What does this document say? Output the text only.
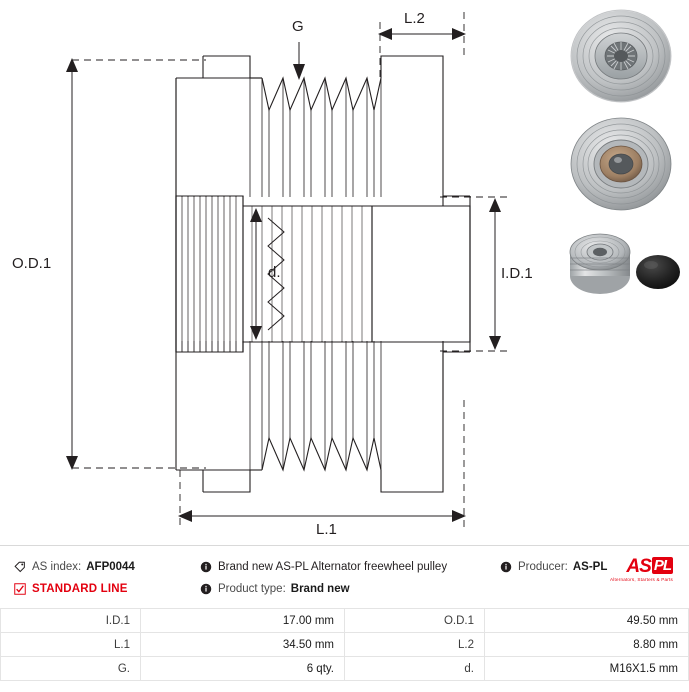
O.D.1
I.D.1
L.1
L.2
G
d.
AS index: AFP0044	Brand new AS-PL Alternator freewheel pulley	Producer: AS-PL	AS PL
Alternators, Starters & Parts
STANDARD LINE	Product type: Brand new
I.D.1	17.00 mm	O.D.1	49.50 mm
L.1	34.50 mm	L.2	8.80 mm
G.	6 qty.	d.	M16X1.5 mm
